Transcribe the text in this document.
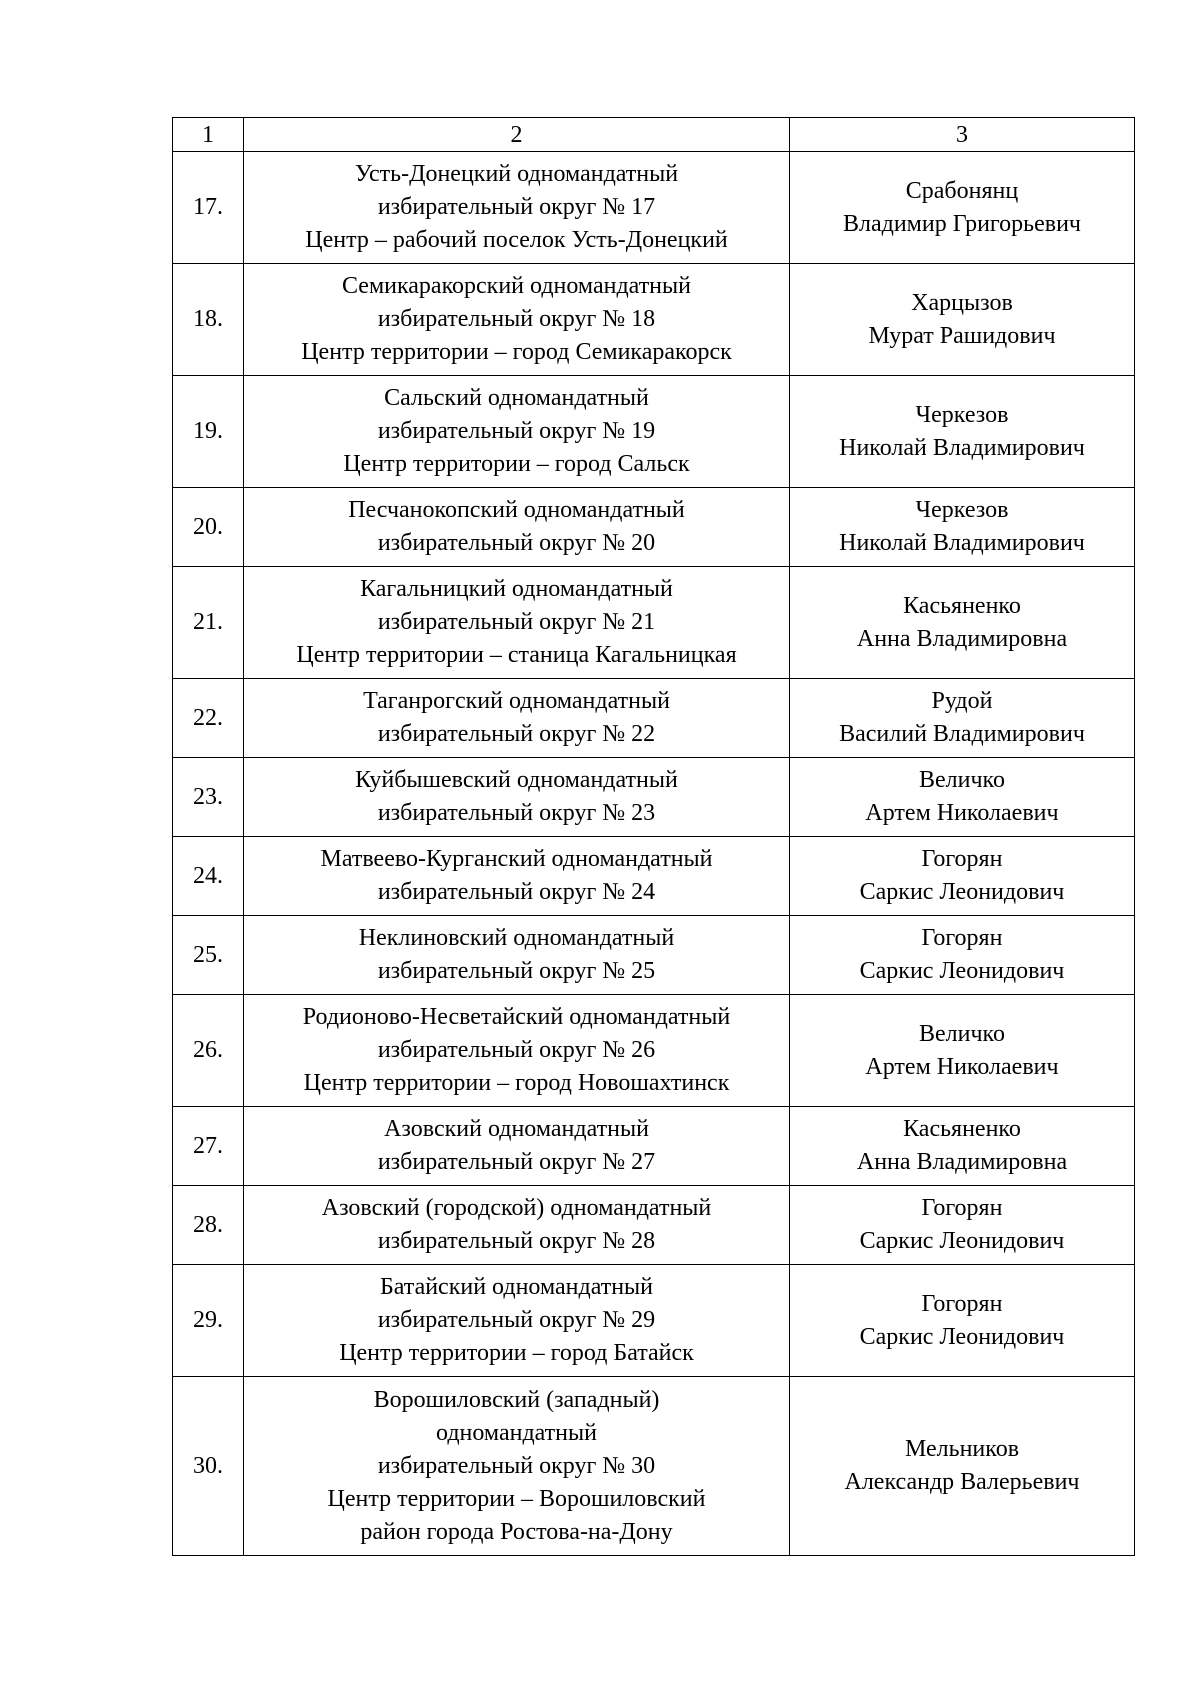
1	2	3
17.	Усть-Донецкий одномандатный
избирательный округ № 17
Центр – рабочий поселок Усть-Донецкий	Срабонянц
Владимир Григорьевич

18.	Семикаракорский одномандатный
избирательный округ № 18
Центр территории – город Семикаракорск	Харцызов
Мурат Рашидович

19.	Сальский одномандатный
избирательный округ № 19
Центр территории – город Сальск	Черкезов
Николай Владимирович

20.	Песчанокопский одномандатный
избирательный округ № 20	Черкезов
Николай Владимирович

21.	Кагальницкий одномандатный
избирательный округ № 21
Центр территории – станица Кагальницкая	Касьяненко
Анна Владимировна

22.	Таганрогский одномандатный
избирательный округ № 22	Рудой
Василий Владимирович

23.	Куйбышевский одномандатный
избирательный округ № 23	Величко
Артем Николаевич

24.	Матвеево-Курганский одномандатный
избирательный округ № 24	Гогорян
Саркис Леонидович

25.	Неклиновский одномандатный
избирательный округ № 25	Гогорян
Саркис Леонидович

26.	Родионово-Несветайский одномандатный
избирательный округ № 26
Центр территории – город Новошахтинск	Величко
Артем Николаевич

27.	Азовский одномандатный
избирательный округ № 27	Касьяненко
Анна Владимировна

28.	Азовский (городской) одномандатный
избирательный округ № 28	Гогорян
Саркис Леонидович

29.	Батайский одномандатный
избирательный округ № 29
Центр территории – город Батайск	Гогорян
Саркис Леонидович

30.	Ворошиловский (западный)
одномандатный
избирательный округ № 30
Центр территории – Ворошиловский
район города Ростова-на-Дону	Мельников
Александр Валерьевич
